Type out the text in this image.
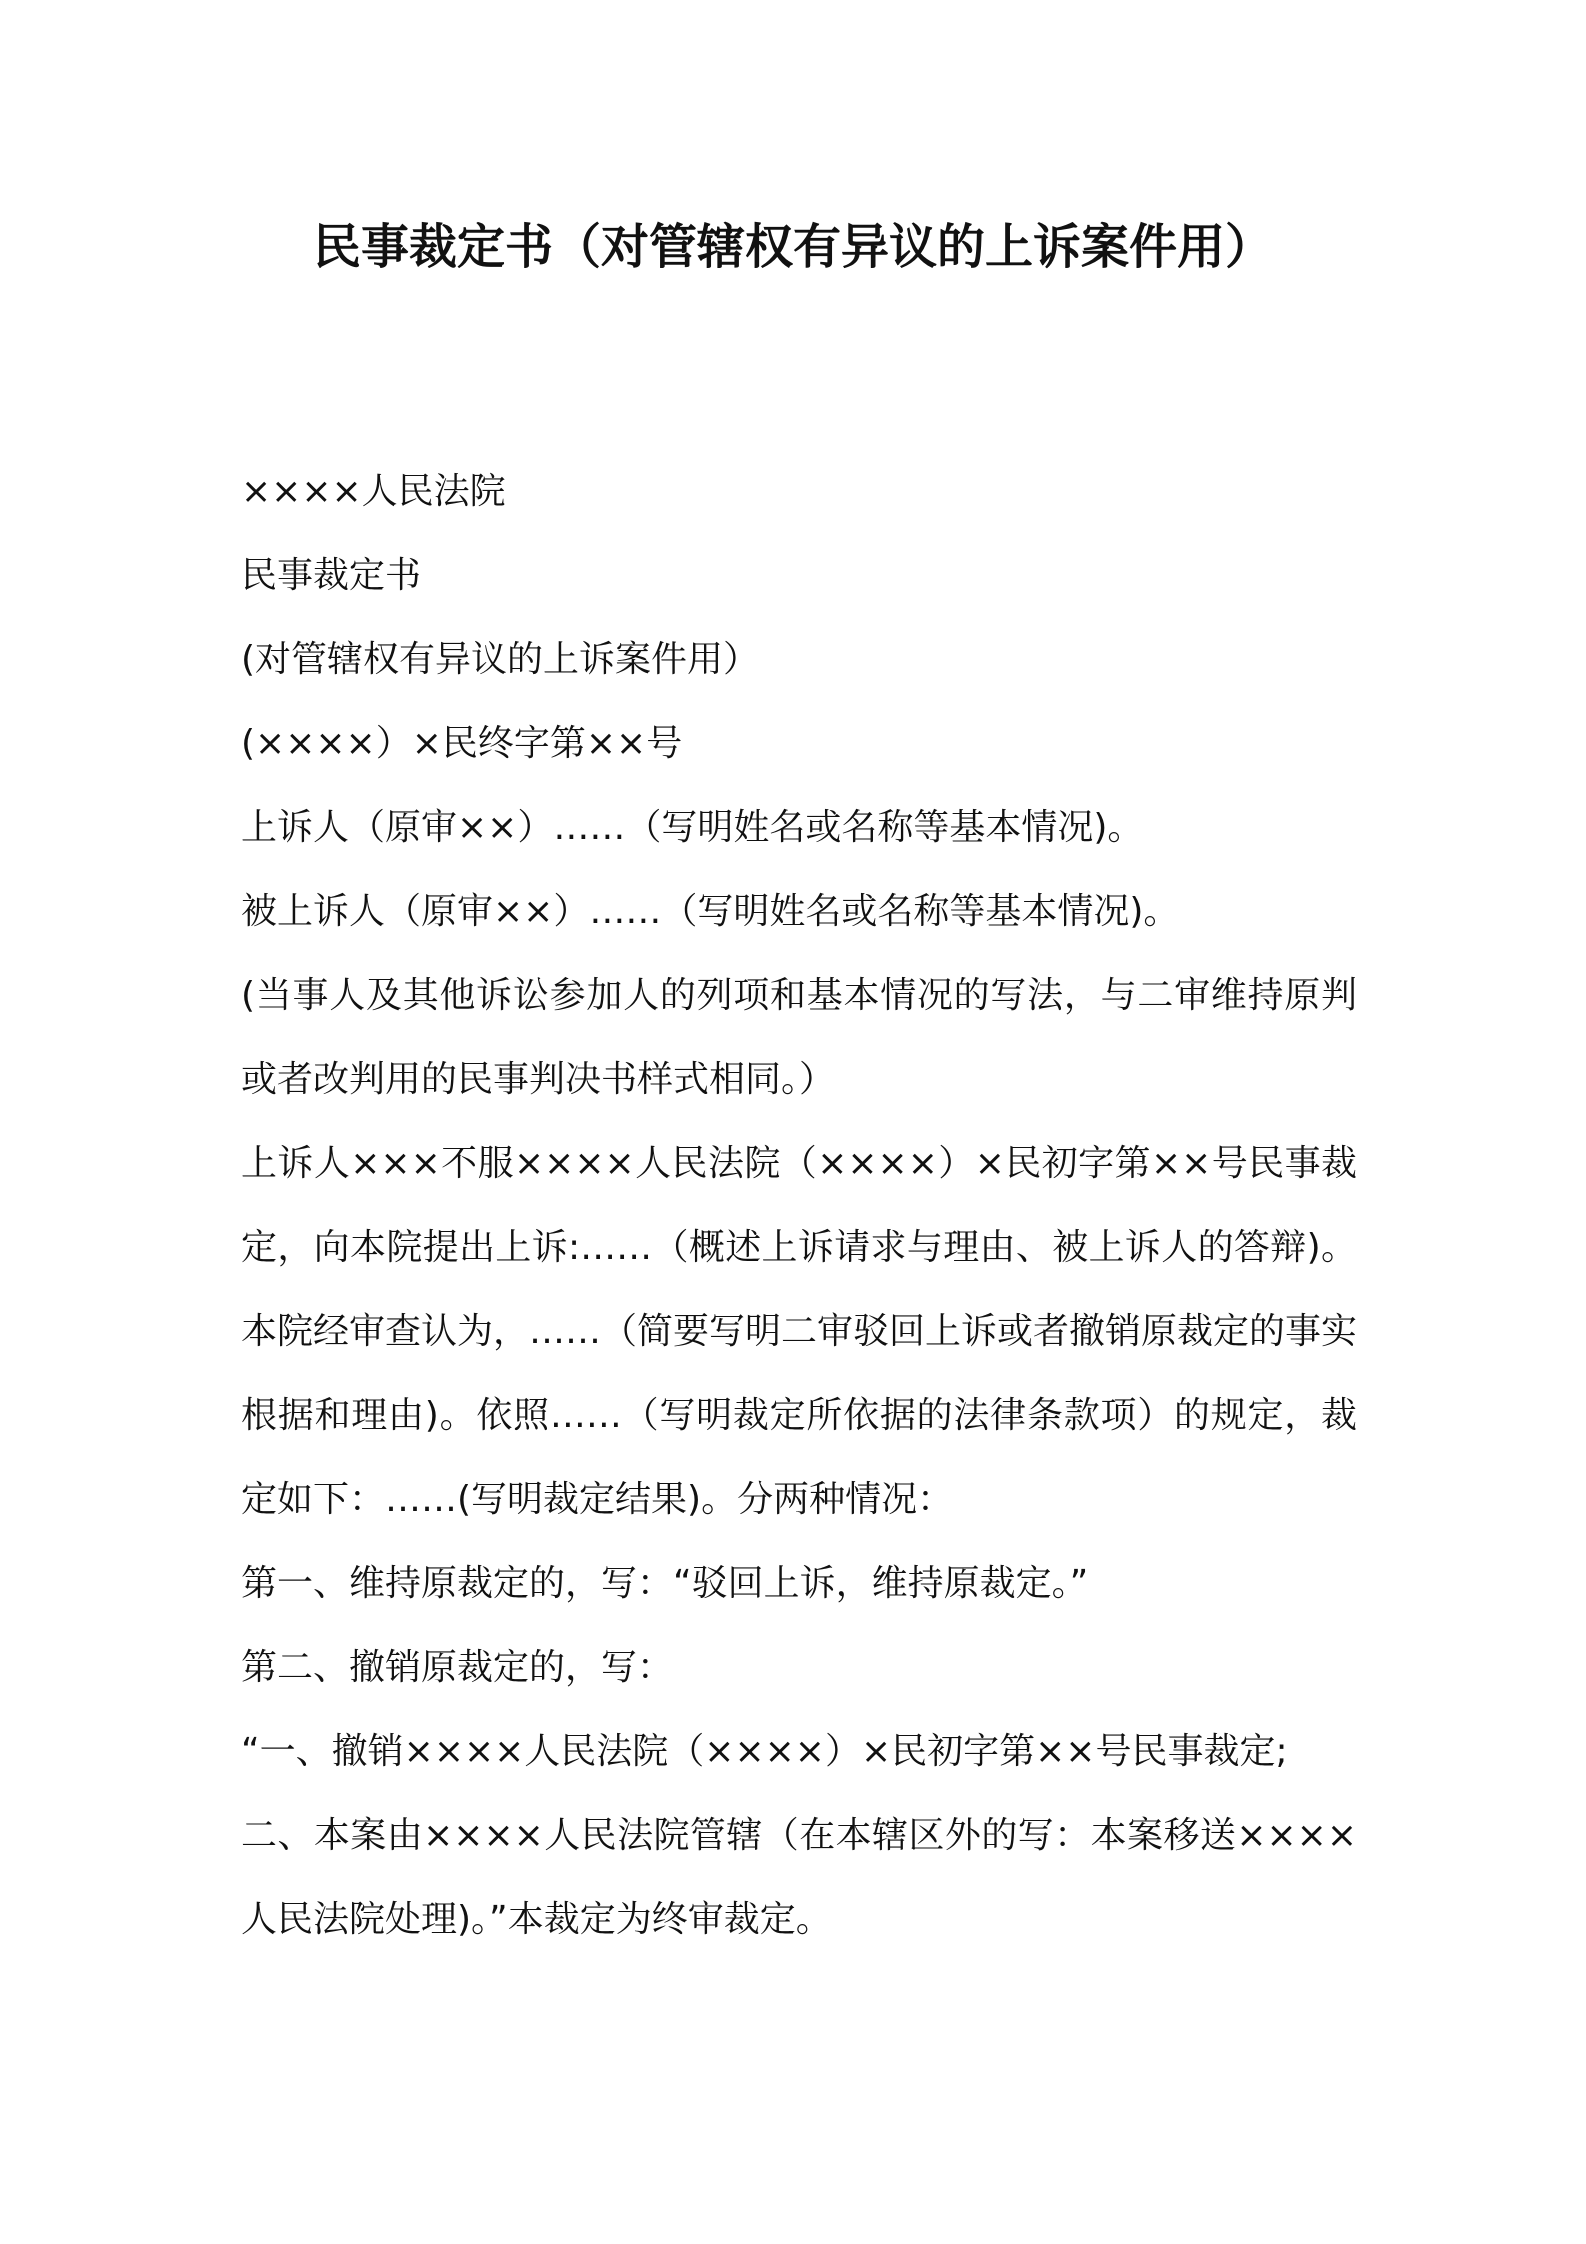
民事裁定书（对管辖权有异议的上诉案件用）

××××人民法院

民事裁定书

(对管辖权有异议的上诉案件用）

(××××）×民终字第××号

上诉人（原审××）……（写明姓名或名称等基本情况)。

被上诉人（原审××）……（写明姓名或名称等基本情况)。

(当事人及其他诉讼参加人的列项和基本情况的写法，与二审维持原判或者改判用的民事判决书样式相同。）

上诉人×××不服××××人民法院（××××）×民初字第××号民事裁定，向本院提出上诉:……（概述上诉请求与理由、被上诉人的答辩)。本院经审查认为，……（简要写明二审驳回上诉或者撤销原裁定的事实根据和理由)。依照……（写明裁定所依据的法律条款项）的规定，裁定如下：……(写明裁定结果)。分两种情况：

第一、维持原裁定的，写：“驳回上诉，维持原裁定。”

第二、撤销原裁定的，写：

“一、撤销××××人民法院（××××）×民初字第××号民事裁定;

二、本案由××××人民法院管辖（在本辖区外的写：本案移送××××人民法院处理)。”本裁定为终审裁定。
